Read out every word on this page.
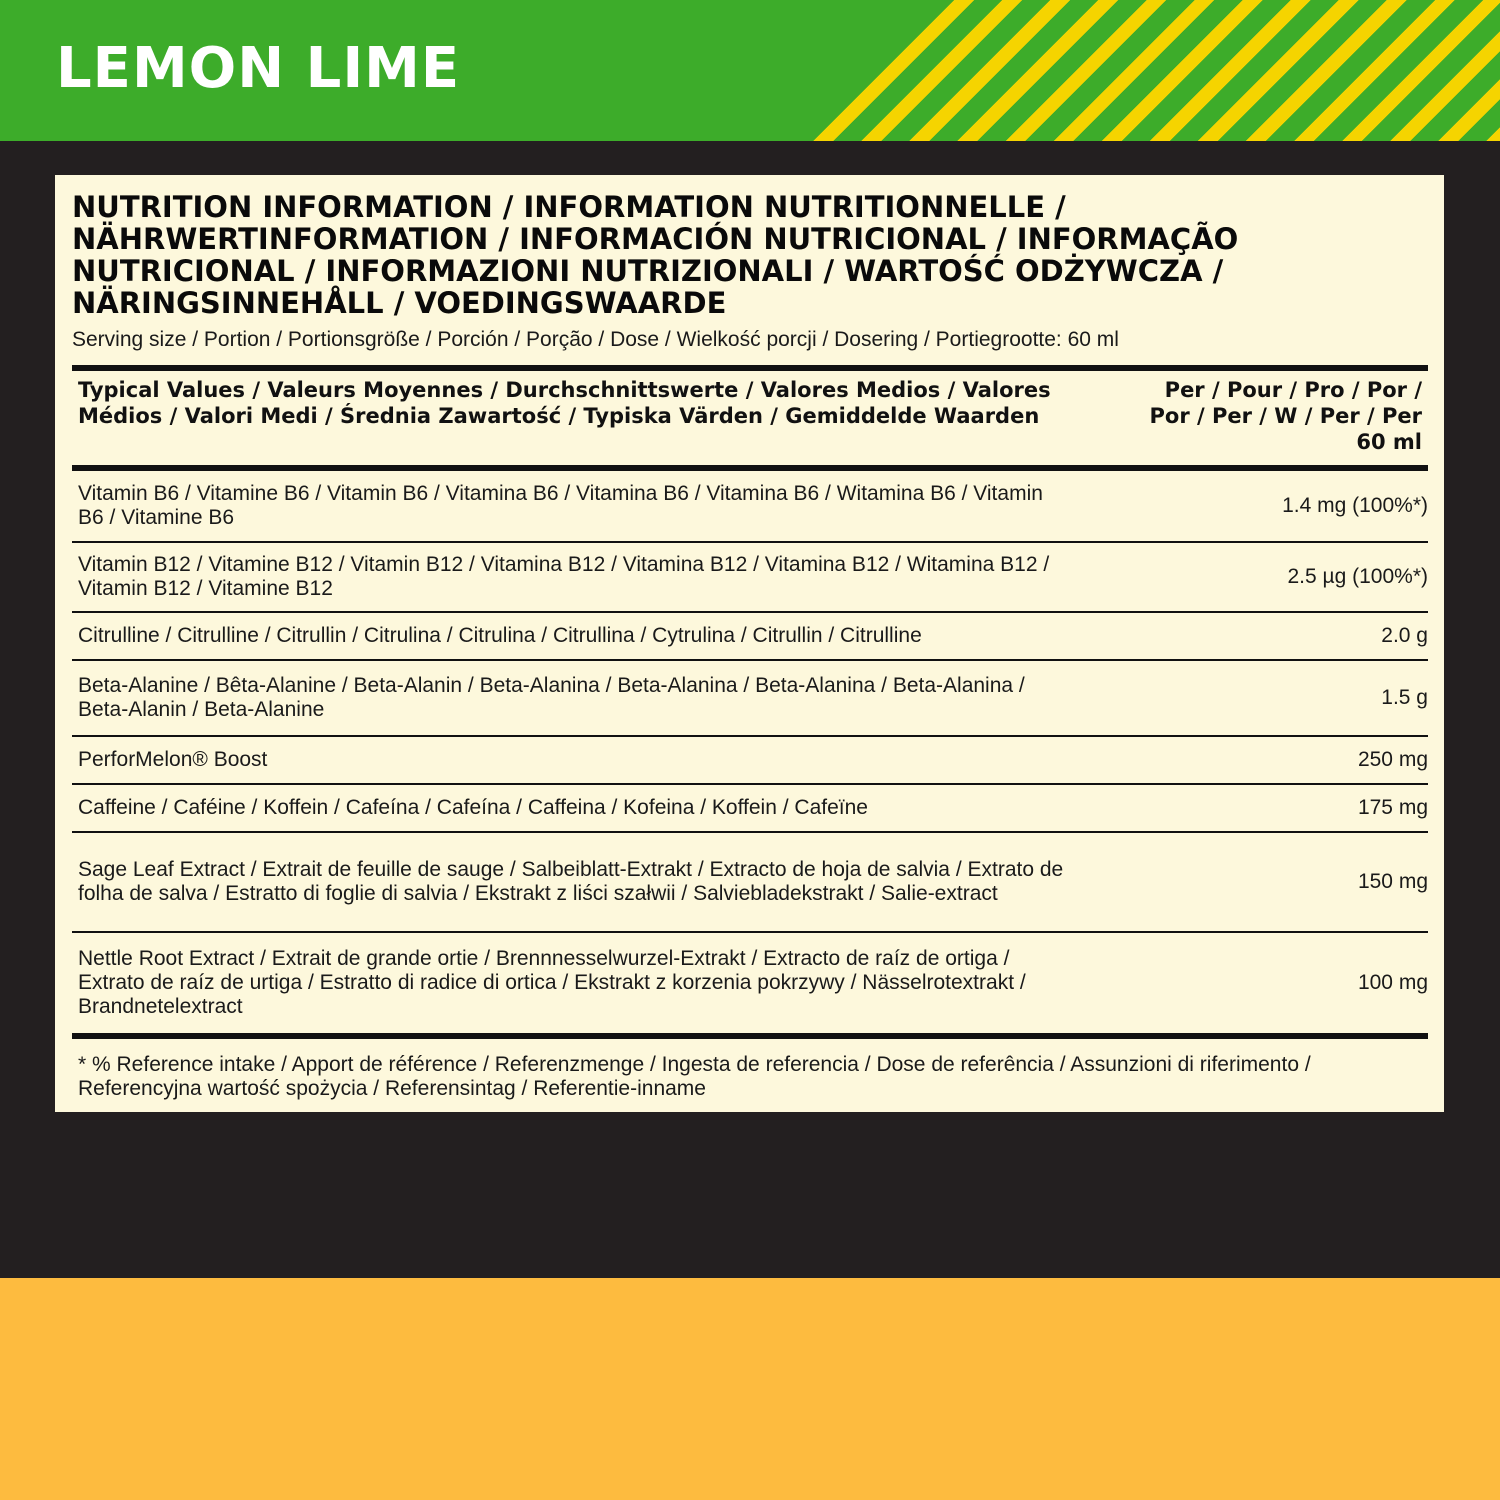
LEMON LIME
NUTRITION INFORMATION / INFORMATION NUTRITIONNELLE / NÄHRWERTINFORMATION / INFORMACIÓN NUTRICIONAL / INFORMAÇÃO NUTRICIONAL / INFORMAZIONI NUTRIZIONALI / WARTOŚĆ ODŻYWCZA / NÄRINGSINNEHÅLL / VOEDINGSWAARDE

Serving size / Portion / Portionsgröße / Porción / Porção / Dose / Wielkość porcji / Dosering / Portiegrootte: 60 ml

Typical Values / Valeurs Moyennes / Durchschnittswerte / Valores Medios / Valores Médios / Valori Medi / Średnia Zawartość / Typiska Värden / Gemiddelde Waarden
Per / Pour / Pro / Por / Por / Per / W / Per / Per 60 ml
Vitamin B6 / Vitamine B6 / Vitamin B6 / Vitamina B6 / Vitamina B6 / Vitamina B6 / Witamina B6 / Vitamin B6 / Vitamine B6
1.4 mg (100%*)
Vitamin B12 / Vitamine B12 / Vitamin B12 / Vitamina B12 / Vitamina B12 / Vitamina B12 / Witamina B12 / Vitamin B12 / Vitamine B12
2.5 µg (100%*)
Citrulline / Citrulline / Citrullin / Citrulina / Citrulina / Citrullina / Cytrulina / Citrullin / Citrulline	2.0 g
Beta-Alanine / Bêta-Alanine / Beta-Alanin / Beta-Alanina / Beta-Alanina / Beta-Alanina / Beta-Alanina / Beta-Alanin / Beta-Alanine
1.5 g
PerforMelon® Boost	250 mg
Caffeine / Caféine / Koffein / Cafeína / Cafeína / Caffeina / Kofeina / Koffein / Cafeïne	175 mg
Sage Leaf Extract / Extrait de feuille de sauge / Salbeiblatt-Extrakt / Extracto de hoja de salvia / Extrato de folha de salva / Estratto di foglie di salvia / Ekstrakt z liści szałwii / Salviebladekstrakt / Salie-extract
150 mg
Nettle Root Extract / Extrait de grande ortie / Brennnesselwurzel-Extrakt / Extracto de raíz de ortiga / Extrato de raíz de urtiga / Estratto di radice di ortica / Ekstrakt z korzenia pokrzywy / Nässelrotextrakt / Brandnetelextract
100 mg

* % Reference intake / Apport de référence / Referenzmenge / Ingesta de referencia / Dose de referência / Assunzioni di riferimento / Referencyjna wartość spożycia / Referensintag / Referentie-inname
